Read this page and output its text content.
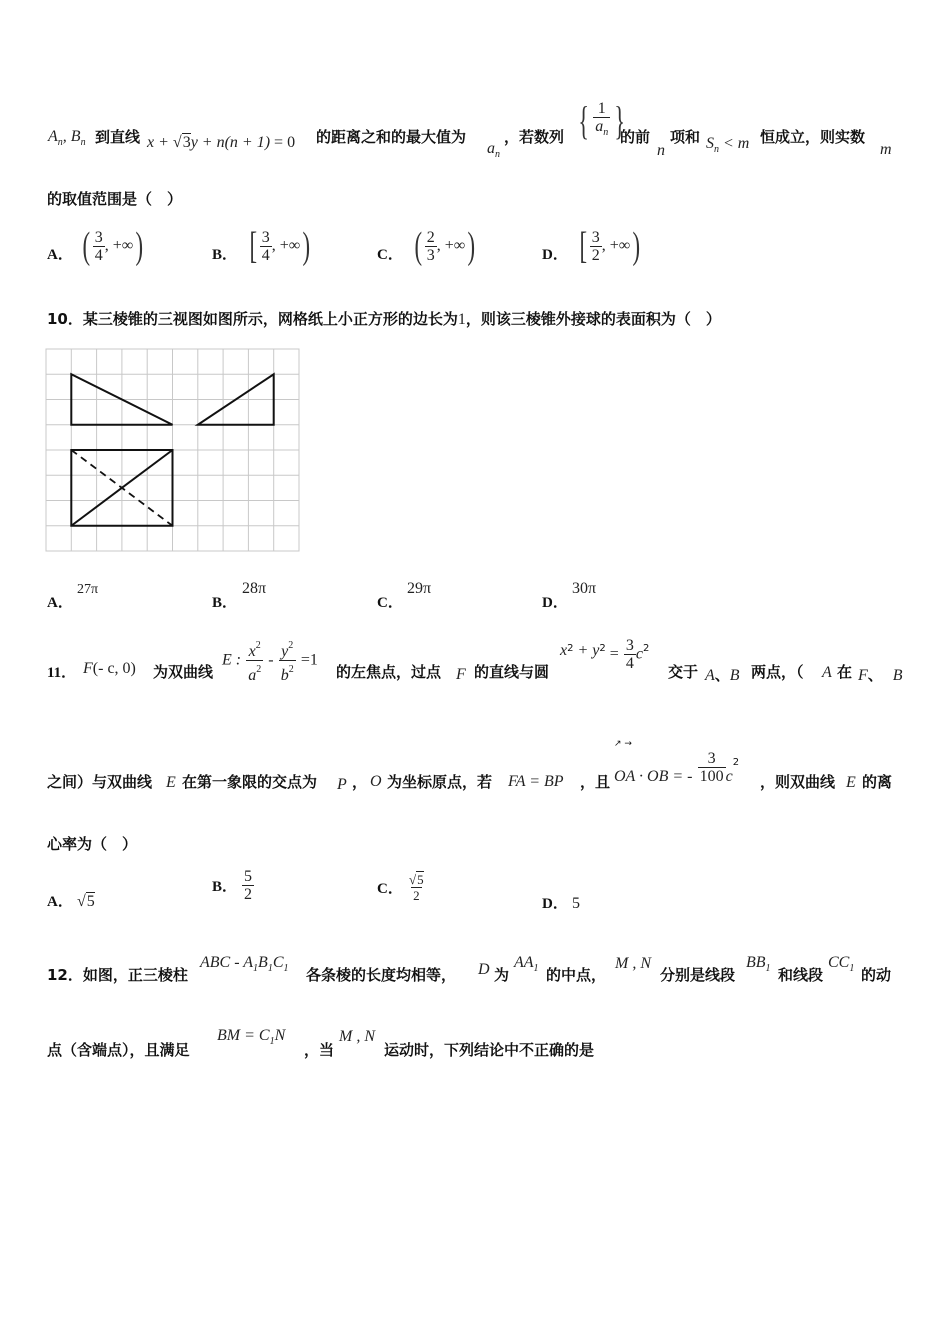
$A_n$, $B_n$ 到直线 x + √3y + n(n + 1) = 0 的距离之和的最大值为
$a_n$
，若数列 { $\frac{1}{a_n}$ }
的前
n
项和 $S_n < m$ 恒成立，则实数
m
的取值范围是（　）
A． ( $\frac{3}{4}$ , +∞ )	B． [ $\frac{3}{4}$ , +∞ )	C． ( $\frac{2}{3}$ , +∞ )	D． [ $\frac{3}{2}$ , +∞ )
10．某三棱锥的三视图如图所示，网格纸上小正方形的边长为1，则该三棱锥外接球的表面积为（　）
A．27π
B．28π
C．29π
D．30π
11． F(- c, 0) 为双曲线
E : $\frac{x^2}{a^2} - \frac{y^2}{b^2} =1$
的左焦点，过点 F 的直线与圆
$x^2 + y^2 = \frac{3}{4} c^2$
交于 A、B 两点，（ A 在 F、 B
之间）与双曲线 E 在第一象限的交点为 P ， O 为坐标原点，若 FA = BP ，且
↗ →
OA · OB = - $\frac{3}{100} c_2$
，则双曲线 E 的离
心率为（　）
A． √5
B． $\frac{5}{2}$	C． $\frac{√5}{2}$
D． 5
12．如图，正三棱柱
ABC - $A_1B_1C_1$ 各条棱的长度均相等， D 为
$AA_1$ 的中点，
M , N
分别是线段
$BB_1$ 和线段
$CC_1$ 的动
点（含端点），且满足
BM = $C_1N$
，当
M , N
运动时，下列结论中不正确的是
